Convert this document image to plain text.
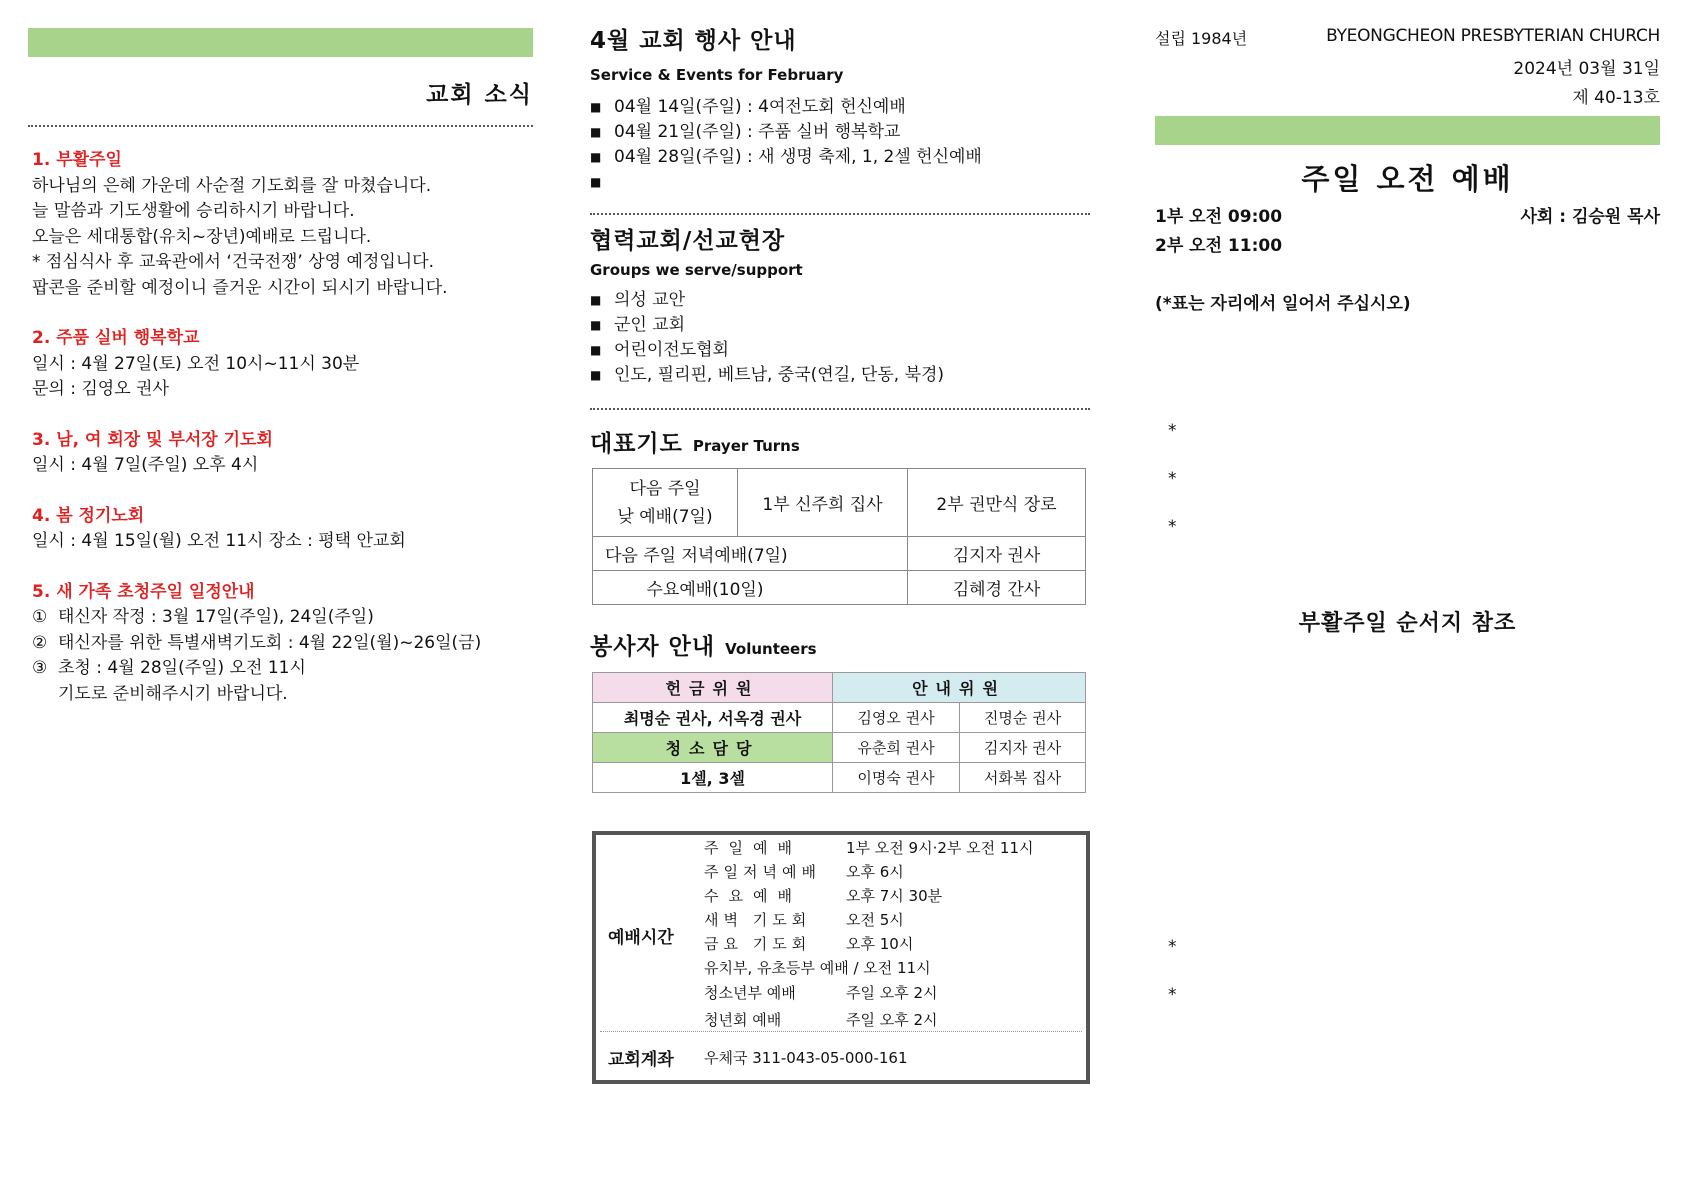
교회 소식
1. 부활주일
하나님의 은혜 가운데 사순절 기도회를 잘 마쳤습니다.
늘 말씀과 기도생활에 승리하시기 바랍니다.
오늘은 세대통합(유치~장년)예배로 드립니다.
* 점심식사 후 교육관에서 ‘건국전쟁’ 상영 예정입니다.
팝콘을 준비할 예정이니 즐거운 시간이 되시기 바랍니다.
2. 주품 실버 행복학교
일시 : 4월 27일(토) 오전 10시~11시 30분
문의 : 김영오 권사
3. 남, 여 회장 및 부서장 기도회
일시 : 4월 7일(주일) 오후 4시
4. 봄 정기노회
일시 : 4월 15일(월) 오전 11시 장소 : 평택 안교회
5. 새 가족 초청주일 일정안내
① 태신자 작정 : 3월 17일(주일), 24일(주일)
② 태신자를 위한 특별새벽기도회 : 4월 22일(월)~26일(금)
③ 초청 : 4월 28일(주일) 오전 11시
기도로 준비해주시기 바랍니다.
4월 교회 행사 안내
Service & Events for February
■ 04월 14일(주일) : 4여전도회 헌신예배
■ 04월 21일(주일) : 주품 실버 행복학교
■ 04월 28일(주일) : 새 생명 축제, 1, 2셀 헌신예배
■
협력교회/선교현장
Groups we serve/support
■ 의성 교안
■ 군인 교회
■ 어린이전도협회
■ 인도, 필리핀, 베트남, 중국(연길, 단동, 북경)
대표기도 Prayer Turns
다음 주일
낮 예배(7일)	1부 신주희 집사	2부 권만식 장로
다음 주일 저녁예배(7일)		김지자 권사
수요예배(10일)		김혜경 간사
봉사자 안내 Volunteers
헌금위원	안내위원	
최명순 권사, 서옥경 권사	김영오 권사	진명순 권사
청소담당	유춘희 권사	김지자 권사
1셀, 3셀	이명숙 권사	서화복 집사
예배시간
주일예배	1부 오전 9시·2부 오전 11시
주일저녁예배	오후 6시
수요예배	오후 7시 30분
새벽 기도회	오전 5시
금요 기도회	오후 10시
유치부, 유초등부 예배 / 오전 11시
청소년부 예배	주일 오후 2시
청년회 예배	주일 오후 2시
교회계좌 우체국 311-043-05-000-161
설립 1984년	BYEONGCHEON PRESBYTERIAN CHURCH
2024년 03월 31일
제 40-13호
주일 오전 예배
1부 오전 09:00
2부 오전 11:00
사회 : 김승원 목사
(*표는 자리에서 일어서 주십시오)
*
*
*
부활주일 순서지 참조
*
*
